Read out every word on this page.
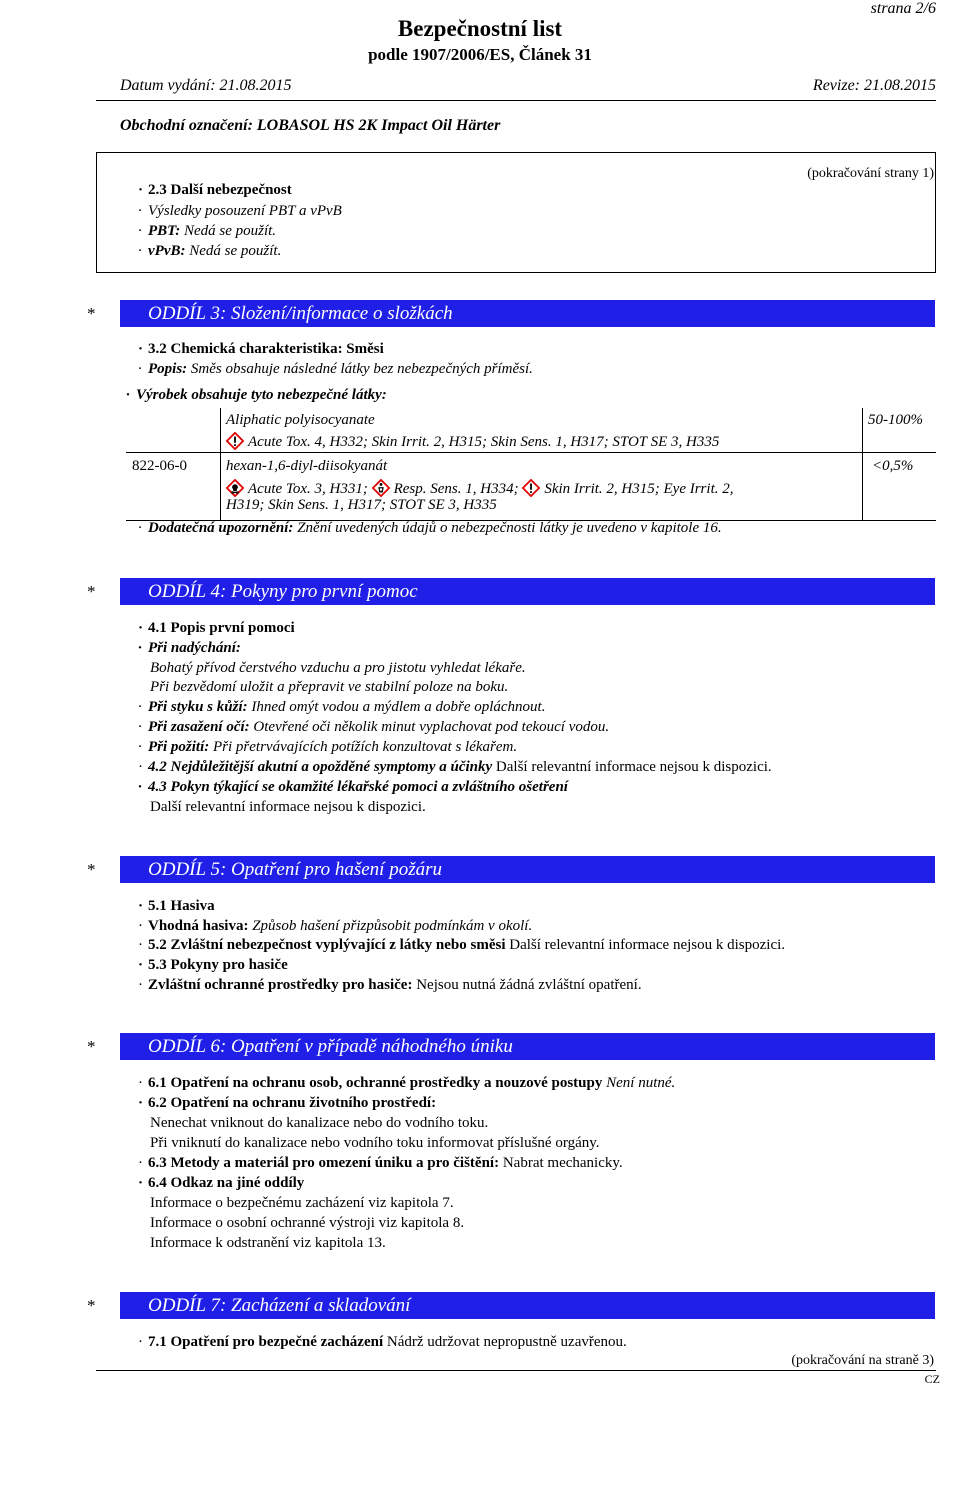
strana 2/6
Bezpečnostní list
podle 1907/2006/ES, Článek 31
Datum vydání: 21.08.2015	Revize: 21.08.2015
Obchodní označení: LOBASOL HS 2K Impact Oil Härter
(pokračování strany 1)
· 2.3 Další nebezpečnost
· Výsledky posouzení PBT a vPvB
· PBT: Nedá se použít.
· vPvB: Nedá se použít.
*	ODDÍL 3: Složení/informace o složkách
· 3.2 Chemická charakteristika: Směsi
· Popis: Směs obsahuje následné látky bez nebezpečných příměsí.
· Výrobek obsahuje tyto nebezpečné látky:
Aliphatic polyisocyanate	50-100%
Acute Tox. 4, H332; Skin Irrit. 2, H315; Skin Sens. 1, H317; STOT SE 3, H335
822-06-0	hexan-1,6-diyl-diisokyanát	<0,5%
Acute Tox. 3, H331; Resp. Sens. 1, H334; Skin Irrit. 2, H315; Eye Irrit. 2,
H319; Skin Sens. 1, H317; STOT SE 3, H335
· Dodatečná upozornění: Znění uvedených údajů o nebezpečnosti látky je uvedeno v kapitole 16.
*	ODDÍL 4: Pokyny pro první pomoc
· 4.1 Popis první pomoci
· Při nadýchání:
Bohatý přívod čerstvého vzduchu a pro jistotu vyhledat lékaře.
Při bezvědomí uložit a přepravit ve stabilní poloze na boku.
· Při styku s kůží: Ihned omýt vodou a mýdlem a dobře opláchnout.
· Při zasažení očí: Otevřené oči několik minut vyplachovat pod tekoucí vodou.
· Při požití: Při přetrvávajících potížích konzultovat s lékařem.
· 4.2 Nejdůležitější akutní a opožděné symptomy a účinky Další relevantní informace nejsou k dispozici.
· 4.3 Pokyn týkající se okamžité lékařské pomoci a zvláštního ošetření
Další relevantní informace nejsou k dispozici.
*	ODDÍL 5: Opatření pro hašení požáru
· 5.1 Hasiva
· Vhodná hasiva: Způsob hašení přizpůsobit podmínkám v okolí.
· 5.2 Zvláštní nebezpečnost vyplývající z látky nebo směsi Další relevantní informace nejsou k dispozici.
· 5.3 Pokyny pro hasiče
· Zvláštní ochranné prostředky pro hasiče: Nejsou nutná žádná zvláštní opatření.
*	ODDÍL 6: Opatření v případě náhodného úniku
· 6.1 Opatření na ochranu osob, ochranné prostředky a nouzové postupy Není nutné.
· 6.2 Opatření na ochranu životního prostředí:
Nenechat vniknout do kanalizace nebo do vodního toku.
Při vniknutí do kanalizace nebo vodního toku informovat příslušné orgány.
· 6.3 Metody a materiál pro omezení úniku a pro čištění: Nabrat mechanicky.
· 6.4 Odkaz na jiné oddíly
Informace o bezpečnému zacházení viz kapitola 7.
Informace o osobní ochranné výstroji viz kapitola 8.
Informace k odstranění viz kapitola 13.
*	ODDÍL 7: Zacházení a skladování
· 7.1 Opatření pro bezpečné zacházení Nádrž udržovat nepropustně uzavřenou.
(pokračování na straně 3)
CZ
